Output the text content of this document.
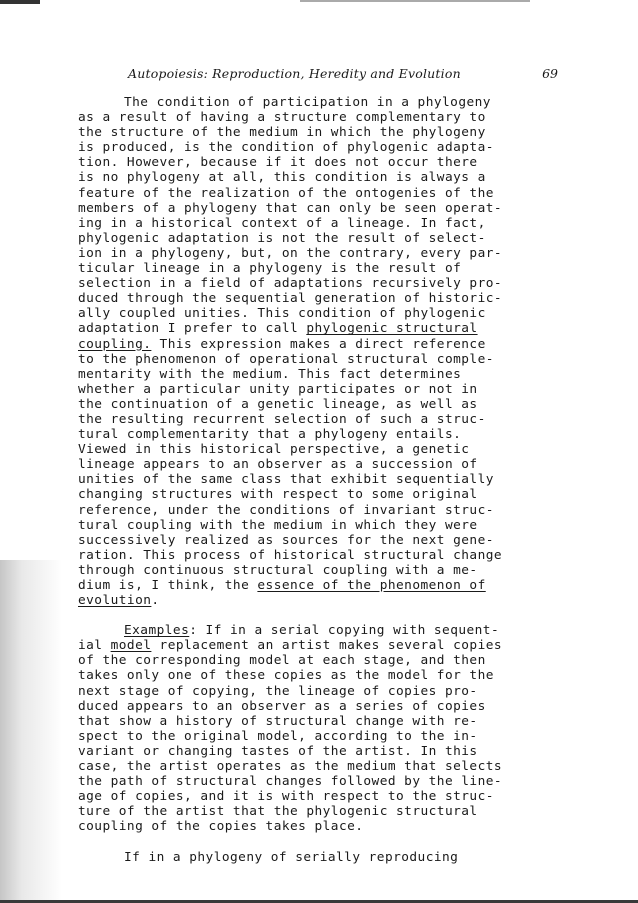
Autopoiesis: Reproduction, Heredity and Evolution	69
The condition of participation in a phylogeny
as a result of having a structure complementary to
the structure of the medium in which the phylogeny
is produced, is the condition of phylogenic adapta-
tion. However, because if it does not occur there
is no phylogeny at all, this condition is always a
feature of the realization of the ontogenies of the
members of a phylogeny that can only be seen operat-
ing in a historical context of a lineage. In fact,
phylogenic adaptation is not the result of select-
ion in a phylogeny, but, on the contrary, every par-
ticular lineage in a phylogeny is the result of
selection in a field of adaptations recursively pro-
duced through the sequential generation of historic-
ally coupled unities. This condition of phylogenic
adaptation I prefer to call phylogenic structural
coupling. This expression makes a direct reference
to the phenomenon of operational structural comple-
mentarity with the medium. This fact determines
whether a particular unity participates or not in
the continuation of a genetic lineage, as well as
the resulting recurrent selection of such a struc-
tural complementarity that a phylogeny entails.
Viewed in this historical perspective, a genetic
lineage appears to an observer as a succession of
unities of the same class that exhibit sequentially
changing structures with respect to some original
reference, under the conditions of invariant struc-
tural coupling with the medium in which they were
successively realized as sources for the next gene-
ration. This process of historical structural change
through continuous structural coupling with a me-
dium is, I think, the essence of the phenomenon of
evolution.
Examples: If in a serial copying with sequent-
ial model replacement an artist makes several copies
of the corresponding model at each stage, and then
takes only one of these copies as the model for the
next stage of copying, the lineage of copies pro-
duced appears to an observer as a series of copies
that show a history of structural change with re-
spect to the original model, according to the in-
variant or changing tastes of the artist. In this
case, the artist operates as the medium that selects
the path of structural changes followed by the line-
age of copies, and it is with respect to the struc-
ture of the artist that the phylogenic structural
coupling of the copies takes place.
If in a phylogeny of serially reproducing
